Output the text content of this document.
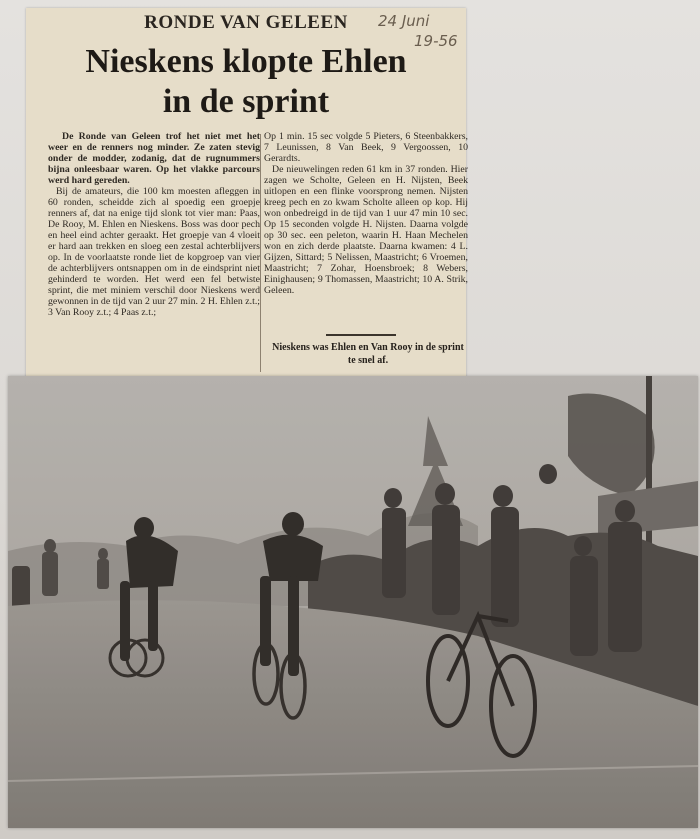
RONDE VAN GELEEN	24 Juni
19-56
Nieskens klopte Ehlen
in de sprint

De Ronde van Geleen trof het niet met het weer en de renners nog minder. Ze zaten stevig onder de modder, zodanig, dat de rugnummers bijna onleesbaar waren. Op het vlakke parcours werd hard gereden.

Bij de amateurs, die 100 km moesten afleggen in 60 ronden, scheidde zich al spoedig een groepje renners af, dat na enige tijd slonk tot vier man: Paas, De Rooy, M. Ehlen en Nieskens. Boss was door pech en heel eind achter geraakt. Het groepje van 4 vloeit er hard aan trekken en sloeg een zestal achterblijvers op. In de voorlaatste ronde liet de kopgroep van vier de achterblijvers ontsnappen om in de eindsprint niet gehinderd te worden. Het werd een fel betwiste sprint, die met miniem verschil door Nieskens werd gewonnen in de tijd van 2 uur 27 min. 2 H. Ehlen z.t.; 3 Van Rooy z.t.; 4 Paas z.t.;

Op 1 min. 15 sec volgde 5 Pieters, 6 Steenbakkers, 7 Leunissen, 8 Van Beek, 9 Vergoossen, 10 Gerardts.

De nieuwelingen reden 61 km in 37 ronden. Hier zagen we Scholte, Geleen en H. Nijsten, Beek uitlopen en een flinke voorsprong nemen. Nijsten kreeg pech en zo kwam Scholte alleen op kop. Hij won onbedreigd in de tijd van 1 uur 47 min 10 sec. Op 15 seconden volgde H. Nijsten. Daarna volgde op 30 sec. een peleton, waarin H. Haan Mechelen won en zich derde plaatste. Daarna kwamen: 4 L. Gijzen, Sittard; 5 Nelissen, Maastricht; 6 Vroemen, Maastricht; 7 Zohar, Hoensbroek; 8 Webers, Einighausen; 9 Thomassen, Maastricht; 10 A. Strik, Geleen.

Nieskens was Ehlen en Van Rooy in de sprint te snel af.
